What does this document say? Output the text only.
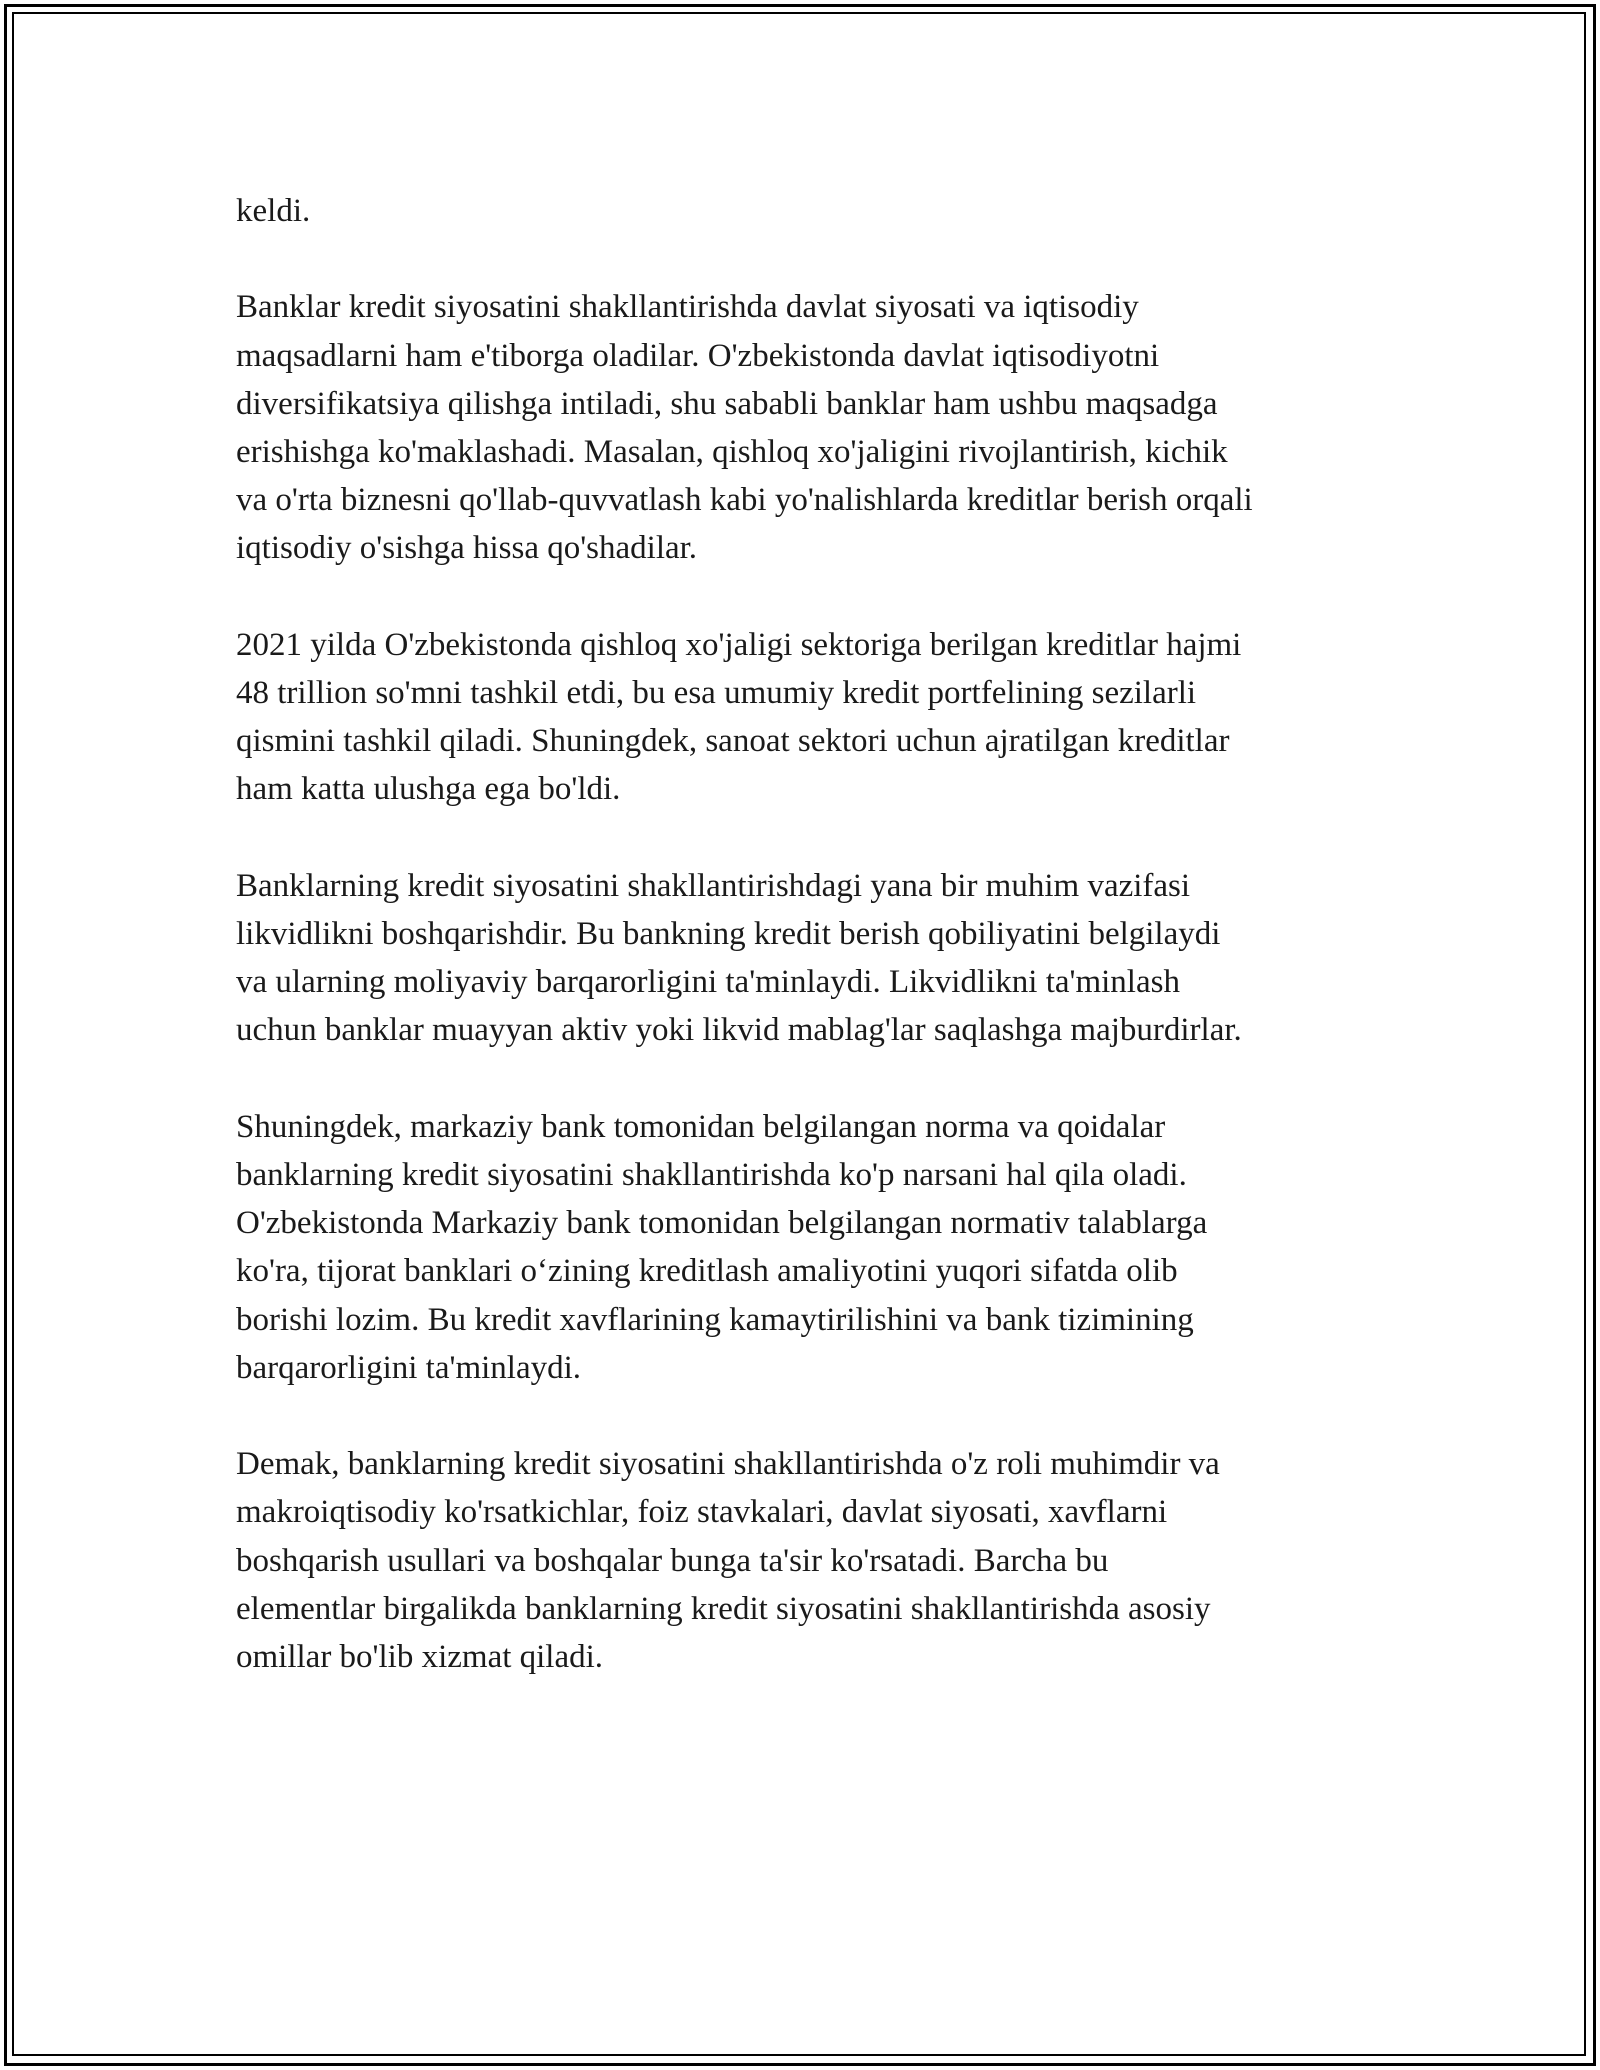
keldi.

Banklar kredit siyosatini shakllantirishda davlat siyosati va iqtisodiy
maqsadlarni ham e'tiborga oladilar. O'zbekistonda davlat iqtisodiyotni
diversifikatsiya qilishga intiladi, shu sababli banklar ham ushbu maqsadga
erishishga ko'maklashadi. Masalan, qishloq xo'jaligini rivojlantirish, kichik
va o'rta biznesni qo'llab-quvvatlash kabi yo'nalishlarda kreditlar berish orqali
iqtisodiy o'sishga hissa qo'shadilar.

2021 yilda O'zbekistonda qishloq xo'jaligi sektoriga berilgan kreditlar hajmi
48 trillion so'mni tashkil etdi, bu esa umumiy kredit portfelining sezilarli
qismini tashkil qiladi. Shuningdek, sanoat sektori uchun ajratilgan kreditlar
ham katta ulushga ega bo'ldi.

Banklarning kredit siyosatini shakllantirishdagi yana bir muhim vazifasi
likvidlikni boshqarishdir. Bu bankning kredit berish qobiliyatini belgilaydi
va ularning moliyaviy barqarorligini ta'minlaydi. Likvidlikni ta'minlash
uchun banklar muayyan aktiv yoki likvid mablag'lar saqlashga majburdirlar.

Shuningdek, markaziy bank tomonidan belgilangan norma va qoidalar
banklarning kredit siyosatini shakllantirishda ko'p narsani hal qila oladi.
O'zbekistonda Markaziy bank tomonidan belgilangan normativ talablarga
ko'ra, tijorat banklari o‘zining kreditlash amaliyotini yuqori sifatda olib
borishi lozim. Bu kredit xavflarining kamaytirilishini va bank tizimining
barqarorligini ta'minlaydi.

Demak, banklarning kredit siyosatini shakllantirishda o'z roli muhimdir va
makroiqtisodiy ko'rsatkichlar, foiz stavkalari, davlat siyosati, xavflarni
boshqarish usullari va boshqalar bunga ta'sir ko'rsatadi. Barcha bu
elementlar birgalikda banklarning kredit siyosatini shakllantirishda asosiy
omillar bo'lib xizmat qiladi.
